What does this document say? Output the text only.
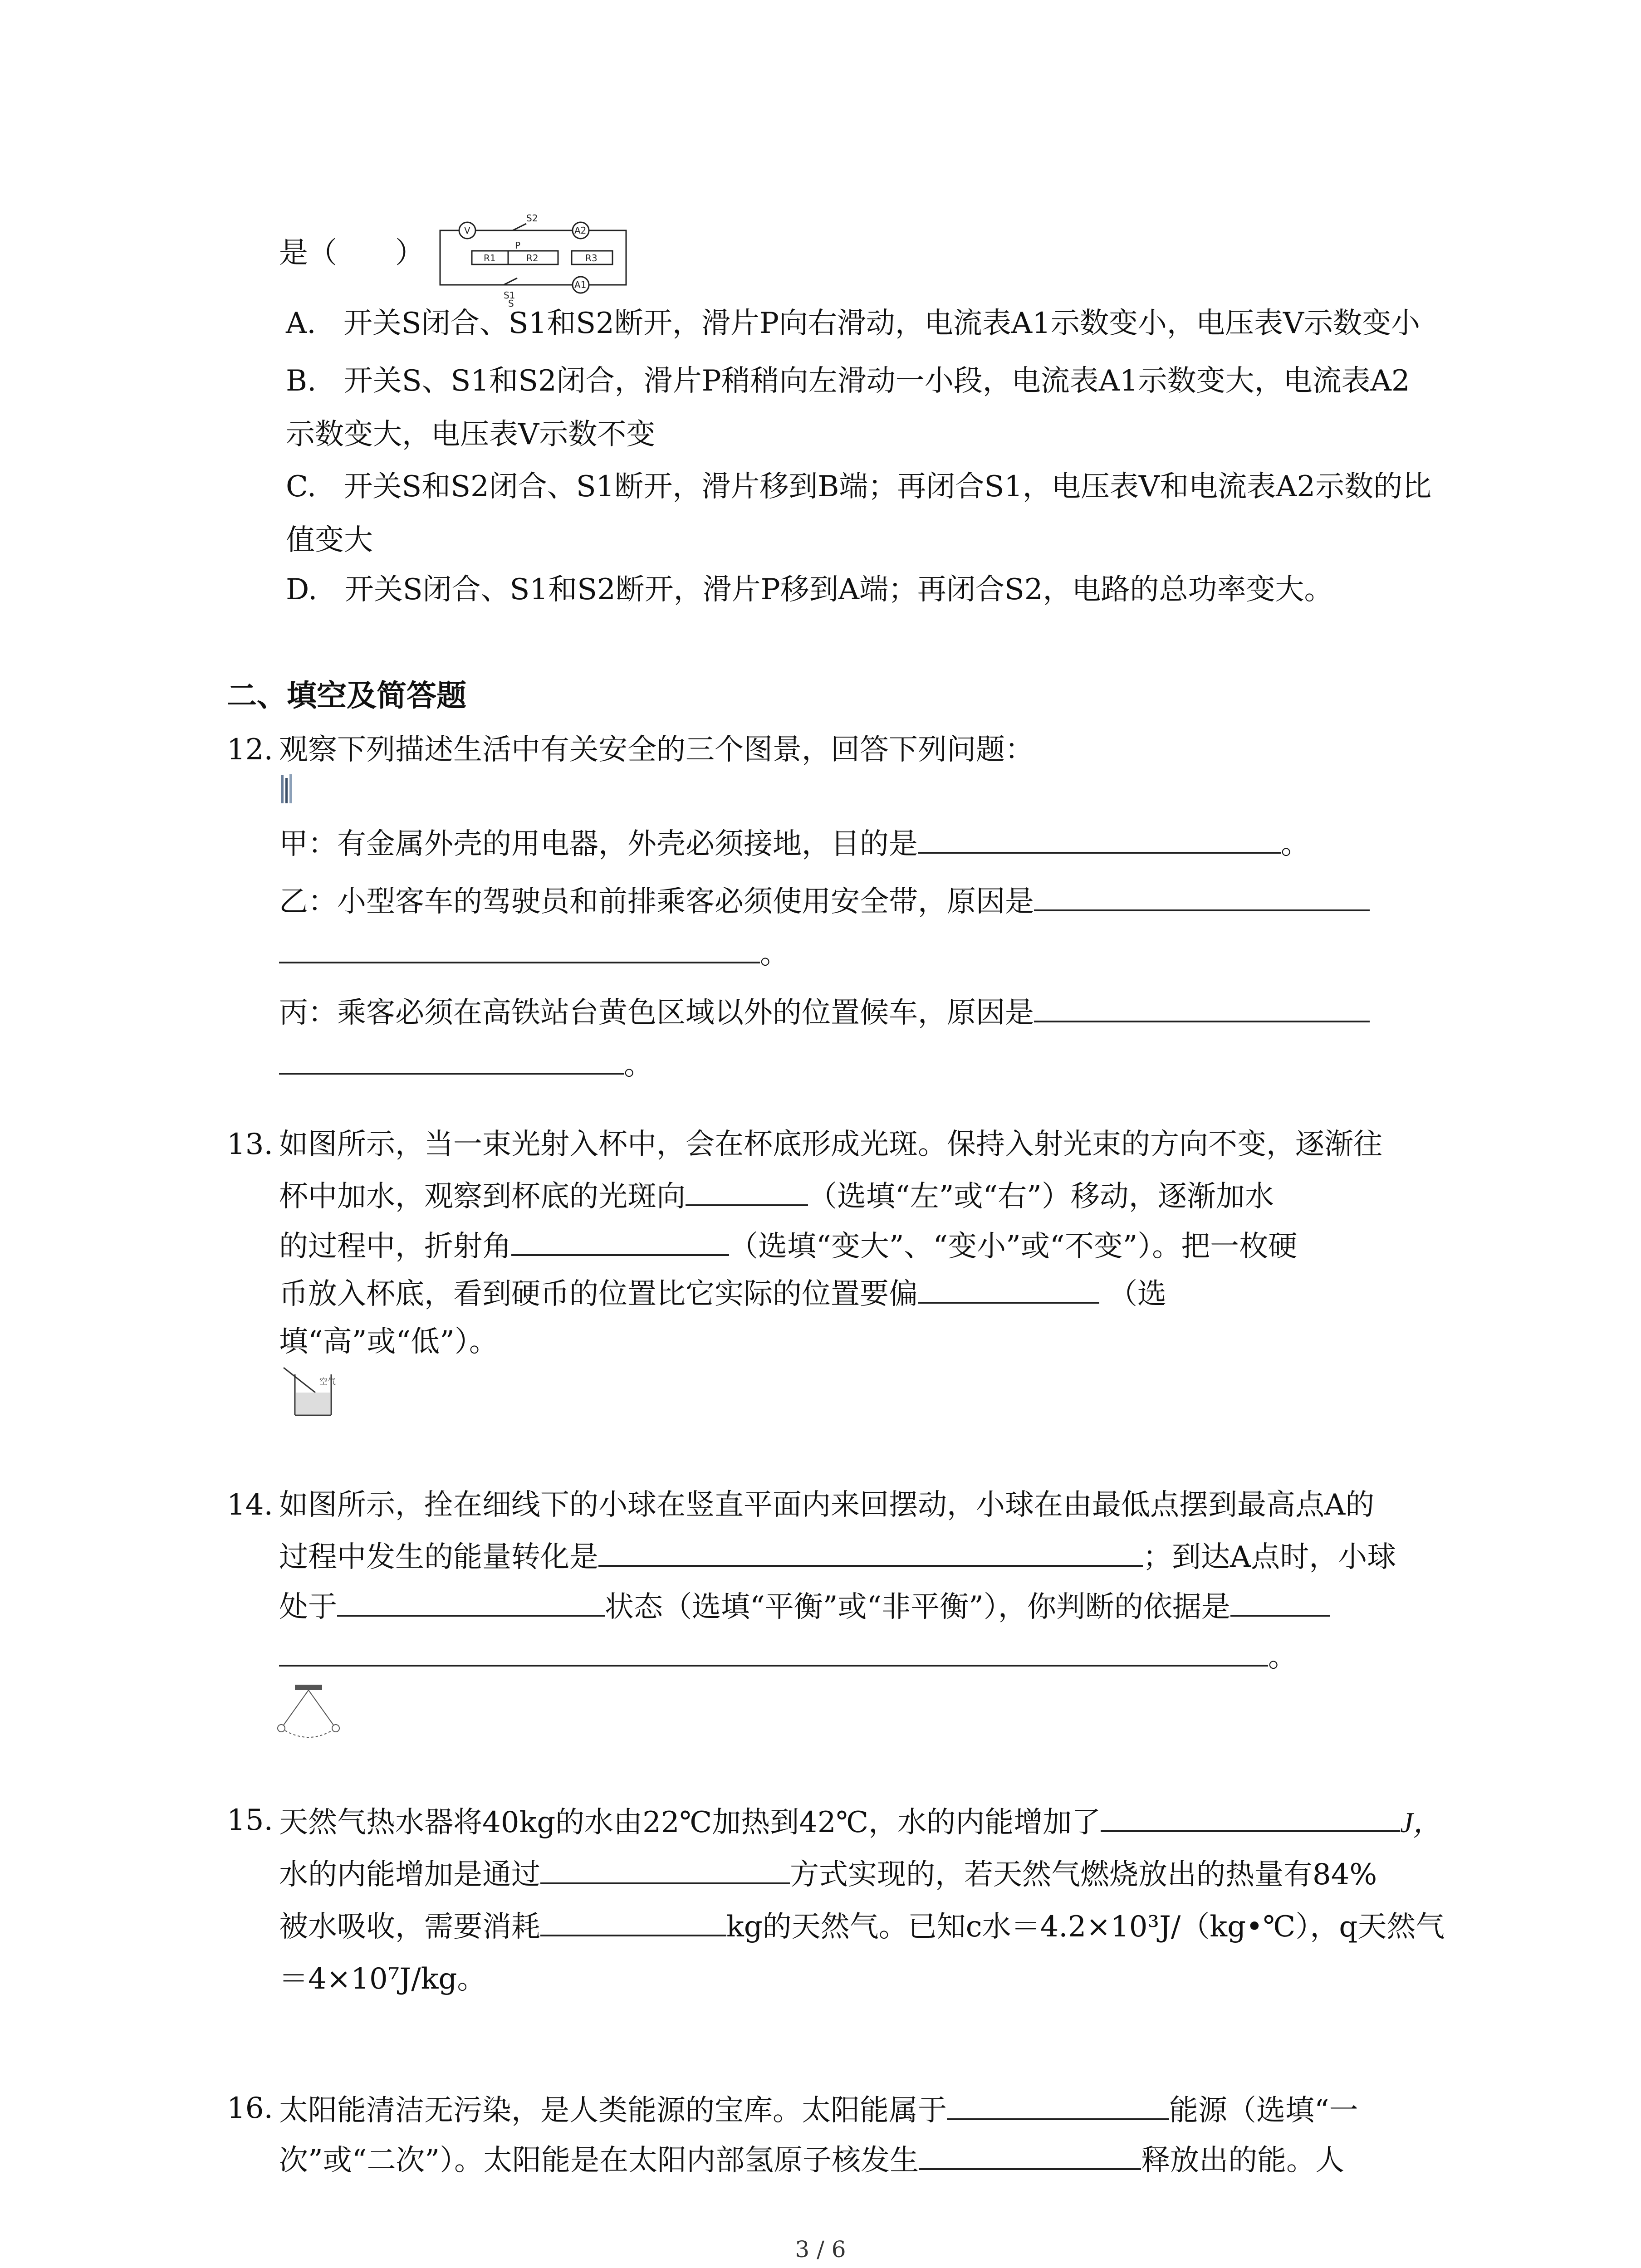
是（　　）
V	A2
R1	R2	R3
S1
S2
S
A1
P
A. 开关S闭合、S1和S2断开，滑片P向右滑动，电流表A1示数变小，电压表V示数变小
B. 开关S、S1和S2闭合，滑片P稍稍向左滑动一小段，电流表A1示数变大，电流表A2
示数变大，电压表V示数不变
C. 开关S和S2闭合、S1断开，滑片移到B端；再闭合S1，电压表V和电流表A2示数的比
值变大
D. 开关S闭合、S1和S2断开，滑片P移到A端；再闭合S2，电路的总功率变大。
二、填空及简答题
12. 观察下列描述生活中有关安全的三个图景，回答下列问题：
甲：有金属外壳的用电器，外壳必须接地，目的是	。
乙：小型客车的驾驶员和前排乘客必须使用安全带，原因是
。
丙：乘客必须在高铁站台黄色区域以外的位置候车，原因是
。
13. 如图所示，当一束光射入杯中，会在杯底形成光斑。保持入射光束的方向不变，逐渐往
杯中加水，观察到杯底的光斑向	（选填“左”或“右”）移动，逐渐加水
的过程中，折射角	（选填“变大”、“变小”或“不变”）。把一枚硬
币放入杯底，看到硬币的位置比它实际的位置要偏	（选
填“高”或“低”）。
空气
14. 如图所示，拴在细线下的小球在竖直平面内来回摆动，小球在由最低点摆到最高点A的
过程中发生的能量转化是	；到达A点时，小球
处于	状态（选填“平衡”或“非平衡”），你判断的依据是
。
15. 天然气热水器将40kg的水由22℃加热到42℃，水的内能增加了	J，
水的内能增加是通过	方式实现的，若天然气燃烧放出的热量有84%
被水吸收，需要消耗	kg的天然气。已知c水＝4.2×10³J/（kg•℃），q天然气
＝4×10⁷J/kg。
16. 太阳能清洁无污染，是人类能源的宝库。太阳能属于	能源（选填“一
次”或“二次”）。太阳能是在太阳内部氢原子核发生	释放出的能。人
3 / 6
